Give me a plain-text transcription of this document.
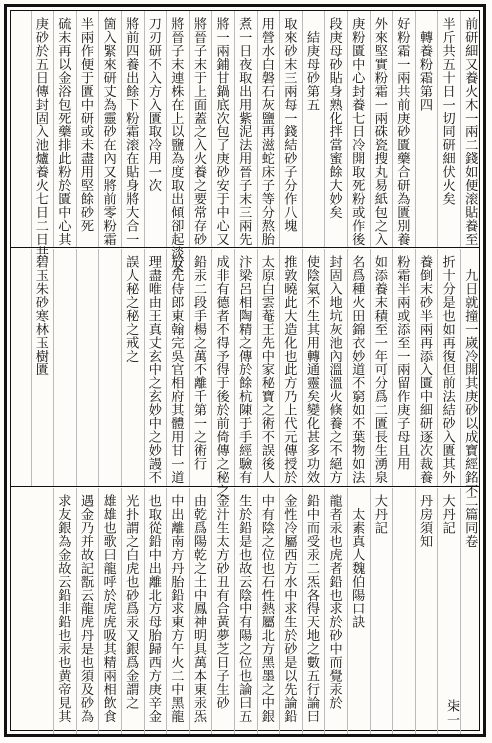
前研細又養火木一兩二錢如便滚貼養至
半斤共五十日一切同研細伏火矣
　轉養粉霜第四
好粉霜一兩共前庚砂匱藥合研為匱別養
外來堅實粉霜一兩硃瓷搜丸易紙包之入
庚粉匱中心封養七日冷開取死粉或作後
段庚母砂貼身熟化拌當蜜餘大妙矣
　結庚母砂第五
取來砂末三兩每一錢結砂子分作八塊
用營水白磐石灰鹽再滋蛇床子等分熬胎
煮一日夜取出用紫泥法用晉子末三兩先
將一兩鋪甘鍋底次包了庚砂安于中心又
將晉子末于上面蓋之入火養之要常存砂
將晉子末連株在上以鹽為度取出傾卻起淡又
刀刃研不入方入匱取冷用一次
將前四養出餘下粉霜滚在貼身將大合一
箇入緊來研丈為靈砂在內又將前零粉霜
半兩作便于匱中研或未盡用堅餘砂死
硫末再以金浴包死藥排此粉於匱中心其
庚砂於五日傳封固入池爐養火七日二日共
　九日就撞一嵗冷開其庚砂以成寶經銘不
折十分是也如再復但前法結砂入匱其外
養倒末砂半兩再添入匱中細研逐次裁養
粉霜半兩或添至一兩留作庚子母且用
如添養末積至一年可分爲二匱長生湧泉
名爲種火田錦衣妙道不窮如不葉物如法
封固入地坑灰池內溫溫火倏養之不絕方
使陰氣不生其用轉通靈矣變化甚多功效
推敦曉此大造化也此方乃上代元傳授於
太原白雲菴王先中家秘寶之術不誤後人
汴梁呂相陶精之傳於餘杭陳于手經驗有
成非有德者不得予得于後於前倚傳之秘之
鉛汞二段手楊之萬不離千第一之術行
於先侍郎東翰完吳官相府其體用甘一道
理盡唯由王真丈玄中之玄妙中之妙謾不
誤人秘之秘之戒之
碧玉朱砂寒林玉樹匱
二篇同卷
大丹記
丹房須知
大丹記
　太素真人魏伯陽口訣
龍者汞也虎者鉛也求於砂中而覺汞於
鉛中而受汞二炁各得天地之數五行論曰
金性冷屬西方水中求生於砂是以先論鉛
中有陰之位也石性熱屬北方黑墨之中銀
生於鉛是也故云陰中有陽之位也論曰五
金汁生太方砂丑有合黃夢芝日子生砂
由乾爲陽乾之土中鳳神明具萬本東汞炁
中出離南方丹胎鉛求東方午火二中黑龍
也取從鉛中出離北方母胎歸西方庚辛金
光扑謂之白虎也砂爲汞又銀爲金謂之
雄雄也歌曰龍呼於虎虎吸其精兩相飲食
遇金乃并故記翫云龍虎丹是也須及砂為
求友銀為金故云鉛非鉛也汞也黄帝見其	㭍一
